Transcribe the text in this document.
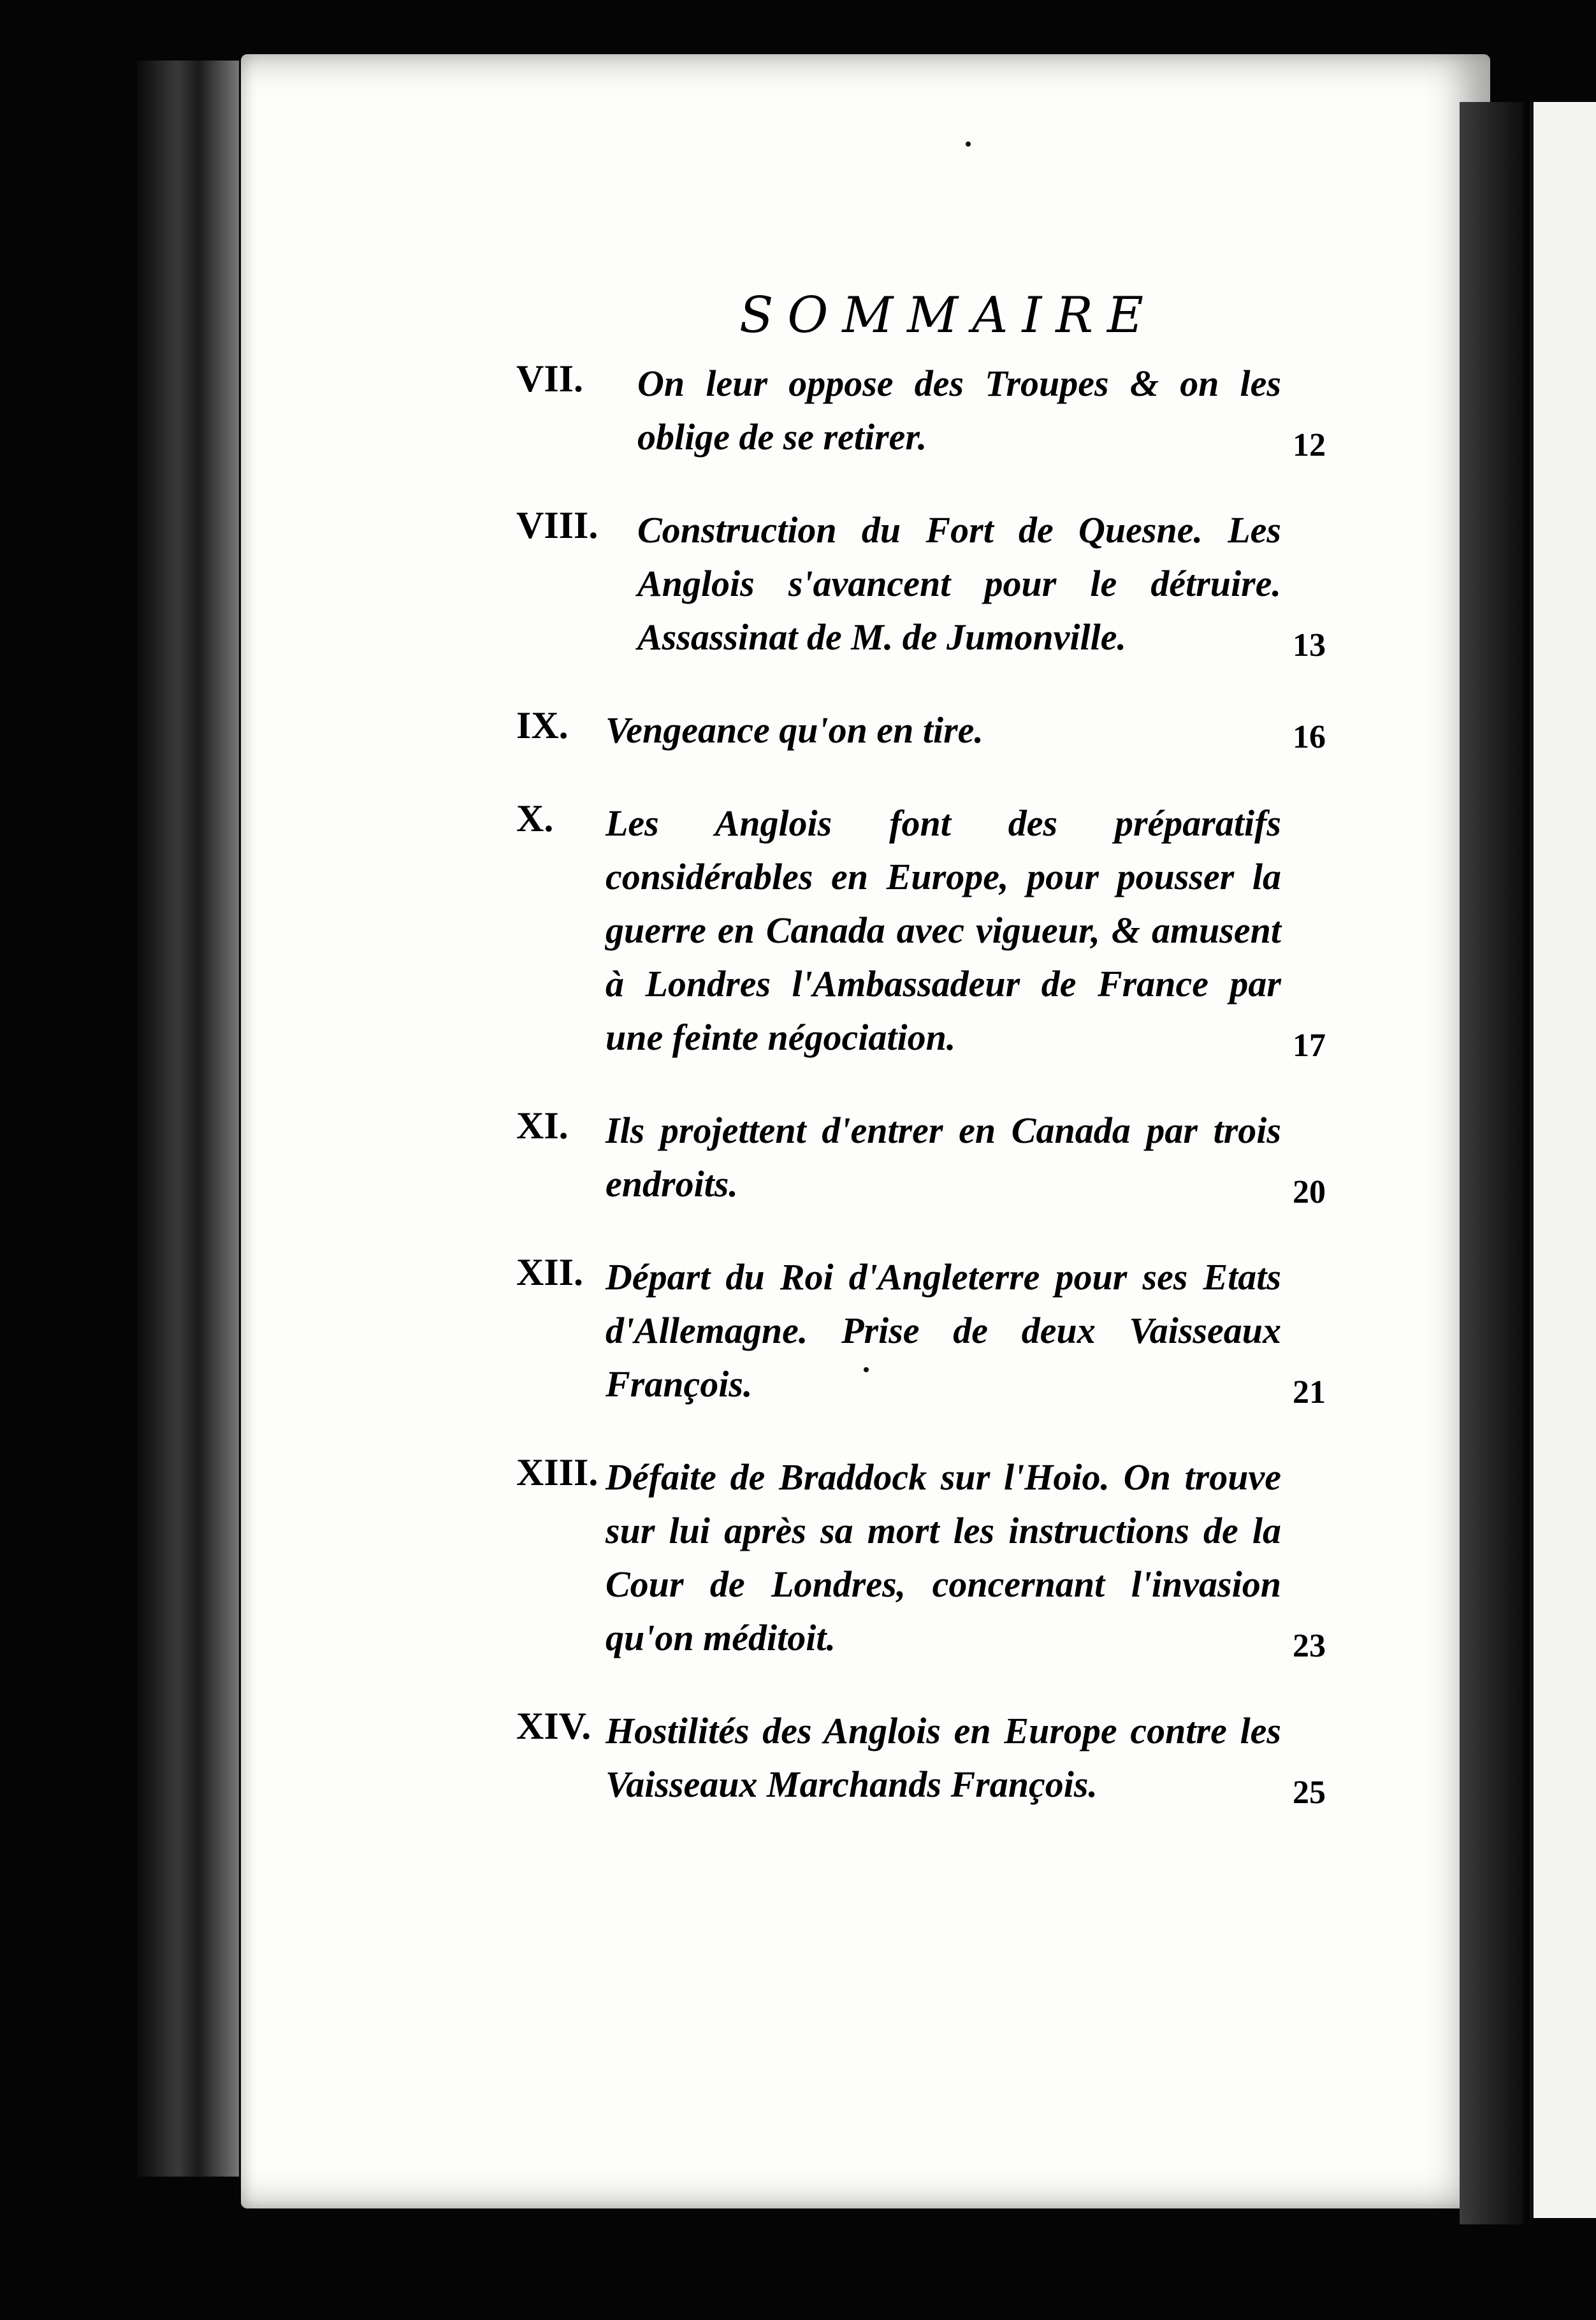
SOMMAIRE
VII. On leur oppose des Troupes & on les oblige de se retirer.	12
VIII. Construction du Fort de Quesne. Les Anglois s'avancent pour le détruire. Assassinat de M. de Jumonville.	13
IX. Vengeance qu'on en tire.	16
X. Les Anglois font des préparatifs considérables en Europe, pour pousser la guerre en Canada avec vigueur, & amusent à Londres l'Ambassadeur de France par une feinte négociation.	17
XI. Ils projettent d'entrer en Canada par trois endroits.	20
XII. Départ du Roi d'Angleterre pour ses Etats d'Allemagne. Prise de deux Vaisseaux François.	21
XIII. Défaite de Braddock sur l'Hoio. On trouve sur lui après sa mort les instructions de la Cour de Londres, concernant l'invasion qu'on méditoit.	23
XIV. Hostilités des Anglois en Europe contre les Vaisseaux Marchands François.	25
